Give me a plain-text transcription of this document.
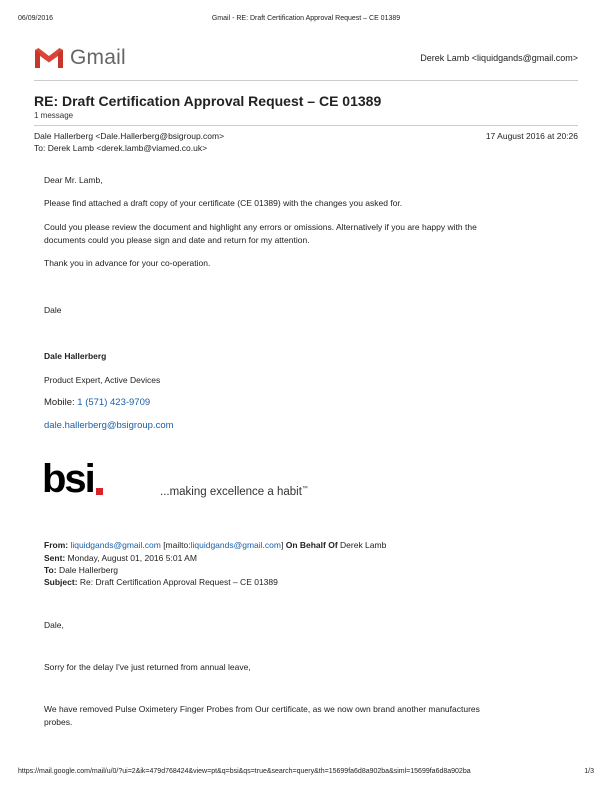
06/09/2016	Gmail - RE: Draft Certification Approval Request – CE 01389
Gmail	Derek Lamb <liquidgands@gmail.com>
RE: Draft Certification Approval Request – CE 01389
1 message
Dale Hallerberg <Dale.Hallerberg@bsigroup.com>	17 August 2016 at 20:26
To: Derek Lamb <derek.lamb@viamed.co.uk>
Dear Mr. Lamb,
Please find attached a draft copy of your certificate (CE 01389) with the changes you asked for.
Could you please review the document and highlight any errors or omissions. Alternatively if you are happy with the
documents could you please sign and date and return for my attention.
Thank you in advance for your co-operation.
Dale
Dale Hallerberg
Product Expert, Active Devices
Mobile: 1 (571) 423-9709
dale.hallerberg@bsigroup.com
bsi	...making excellence a habit™
From: liquidgands@gmail.com [mailto:liquidgands@gmail.com] On Behalf Of Derek Lamb
Sent: Monday, August 01, 2016 5:01 AM
To: Dale Hallerberg
Subject: Re: Draft Certification Approval Request – CE 01389
Dale,
Sorry for the delay I've just returned from annual leave,
We have removed Pulse Oximetery Finger Probes from Our certificate, as we now own brand another manufactures
probes.
https://mail.google.com/mail/u/0/?ui=2&ik=479d768424&view=pt&q=bsi&qs=true&search=query&th=15699fa6d8a902ba&siml=15699fa6d8a902ba	1/3
